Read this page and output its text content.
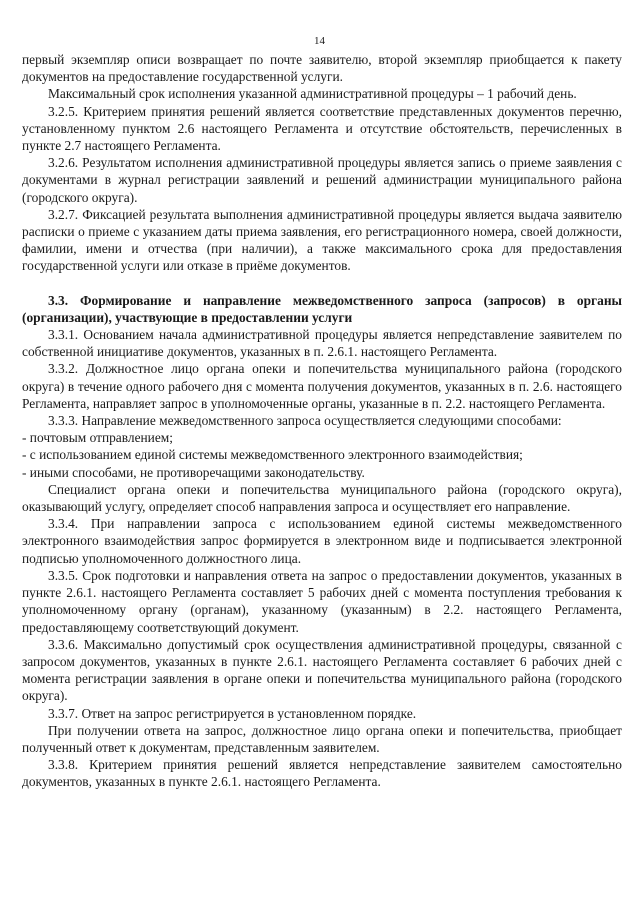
14

первый экземпляр описи возвращает по почте заявителю, второй экземпляр приобщается к пакету документов на предоставление государственной услуги.

Максимальный срок исполнения указанной административной процедуры – 1 рабочий день.

3.2.5. Критерием принятия решений является соответствие представленных документов перечню, установленному пунктом 2.6 настоящего Регламента и отсутствие обстоятельств, перечисленных в пункте 2.7 настоящего Регламента.

3.2.6. Результатом исполнения административной процедуры является запись о приеме заявления с документами в журнал регистрации заявлений и решений администрации муниципального района (городского округа).

3.2.7. Фиксацией результата выполнения административной процедуры является выдача заявителю расписки о приеме с указанием даты приема заявления, его регистрационного номера, своей должности, фамилии, имени и отчества (при наличии), а также максимального срока для предоставления государственной услуги или отказе в приёме документов.

3.3. Формирование и направление межведомственного запроса (запросов) в органы (организации), участвующие в предоставлении услуги

3.3.1. Основанием начала административной процедуры является непредставление заявителем по собственной инициативе документов, указанных в п. 2.6.1. настоящего Регламента.

3.3.2. Должностное лицо органа опеки и попечительства муниципального района (городского округа) в течение одного рабочего дня с момента получения документов, указанных в п. 2.6. настоящего Регламента, направляет запрос в уполномоченные органы, указанные в п. 2.2. настоящего Регламента.

3.3.3. Направление межведомственного запроса осуществляется следующими способами:

- почтовым отправлением;

- с использованием единой системы межведомственного электронного взаимодействия;

- иными способами, не противоречащими законодательству.

Специалист органа опеки и попечительства муниципального района (городского округа), оказывающий услугу, определяет способ направления запроса и осуществляет его направление.

3.3.4. При направлении запроса с использованием единой системы межведомственного электронного взаимодействия запрос формируется в электронном виде и подписывается электронной подписью уполномоченного должностного лица.

3.3.5. Срок подготовки и направления ответа на запрос о предоставлении документов, указанных в пункте 2.6.1. настоящего Регламента составляет 5 рабочих дней с момента поступления требования к уполномоченному органу (органам), указанному (указанным) в 2.2. настоящего Регламента, предоставляющему соответствующий документ.

3.3.6. Максимально допустимый срок осуществления административной процедуры, связанной с запросом документов, указанных в пункте 2.6.1. настоящего Регламента составляет 6 рабочих дней с момента регистрации заявления в органе опеки и попечительства муниципального района (городского округа).

3.3.7. Ответ на запрос регистрируется в установленном порядке.

При получении ответа на запрос, должностное лицо органа опеки и попечительства, приобщает полученный ответ к документам, представленным заявителем.

3.3.8. Критерием принятия решений является непредставление заявителем самостоятельно документов, указанных в пункте 2.6.1. настоящего Регламента.
